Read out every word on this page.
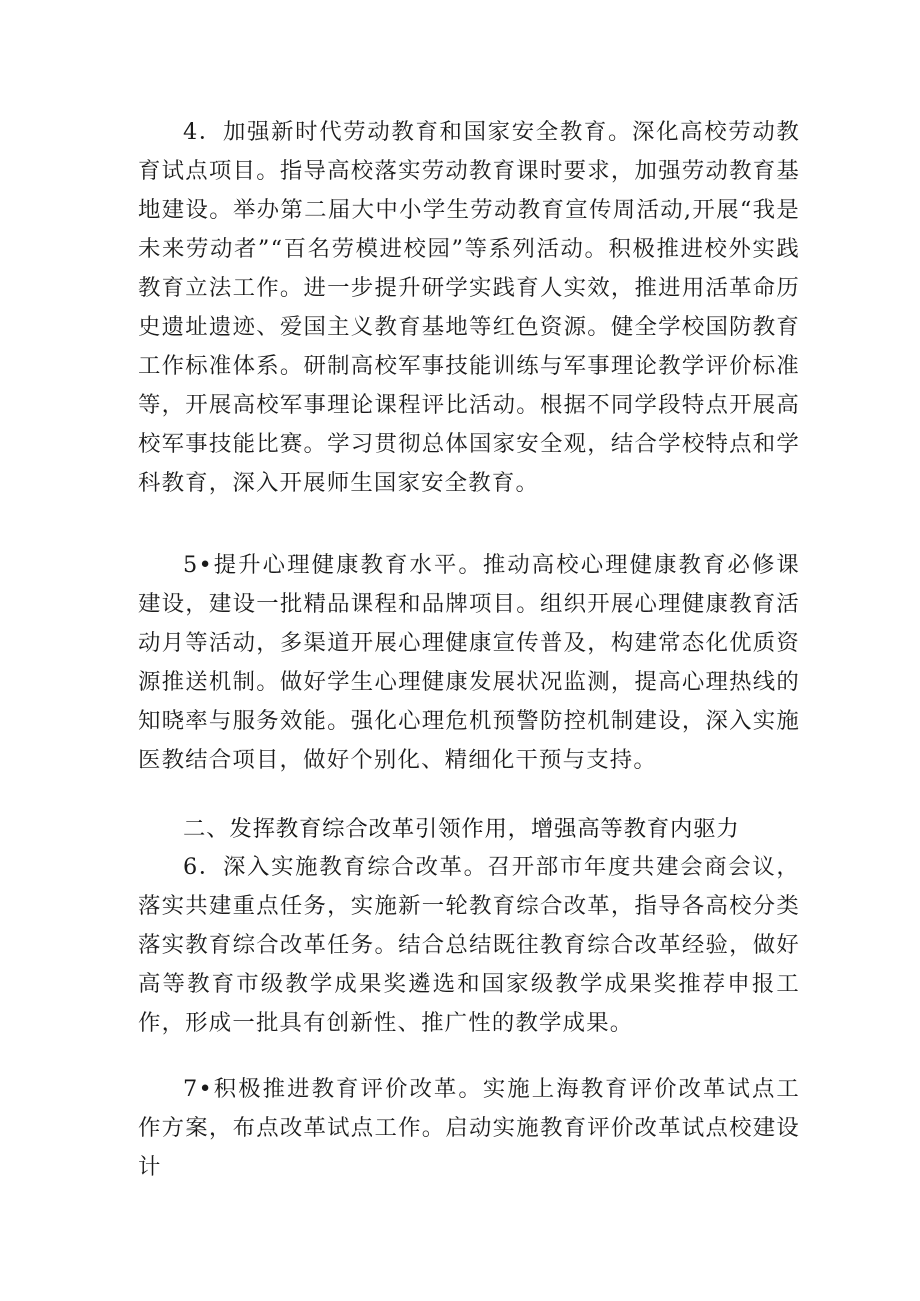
4．加强新时代劳动教育和国家安全教育。深化高校劳动教育试点项目。指导高校落实劳动教育课时要求，加强劳动教育基地建设。举办第二届大中小学生劳动教育宣传周活动,开展“我是未来劳动者”“百名劳模进校园”等系列活动。积极推进校外实践教育立法工作。进一步提升研学实践育人实效，推进用活革命历史遗址遗迹、爱国主义教育基地等红色资源。健全学校国防教育工作标准体系。研制高校军事技能训练与军事理论教学评价标准等，开展高校军事理论课程评比活动。根据不同学段特点开展高校军事技能比赛。学习贯彻总体国家安全观，结合学校特点和学科教育，深入开展师生国家安全教育。

5•提升心理健康教育水平。推动高校心理健康教育必修课建设，建设一批精品课程和品牌项目。组织开展心理健康教育活动月等活动，多渠道开展心理健康宣传普及，构建常态化优质资源推送机制。做好学生心理健康发展状况监测，提高心理热线的知晓率与服务效能。强化心理危机预警防控机制建设，深入实施医教结合项目，做好个别化、精细化干预与支持。

二、发挥教育综合改革引领作用，增强高等教育内驱力

6．深入实施教育综合改革。召开部市年度共建会商会议，落实共建重点任务，实施新一轮教育综合改革，指导各高校分类落实教育综合改革任务。结合总结既往教育综合改革经验，做好高等教育市级教学成果奖遴选和国家级教学成果奖推荐申报工作，形成一批具有创新性、推广性的教学成果。

7•积极推进教育评价改革。实施上海教育评价改革试点工作方案，布点改革试点工作。启动实施教育评价改革试点校建设计
